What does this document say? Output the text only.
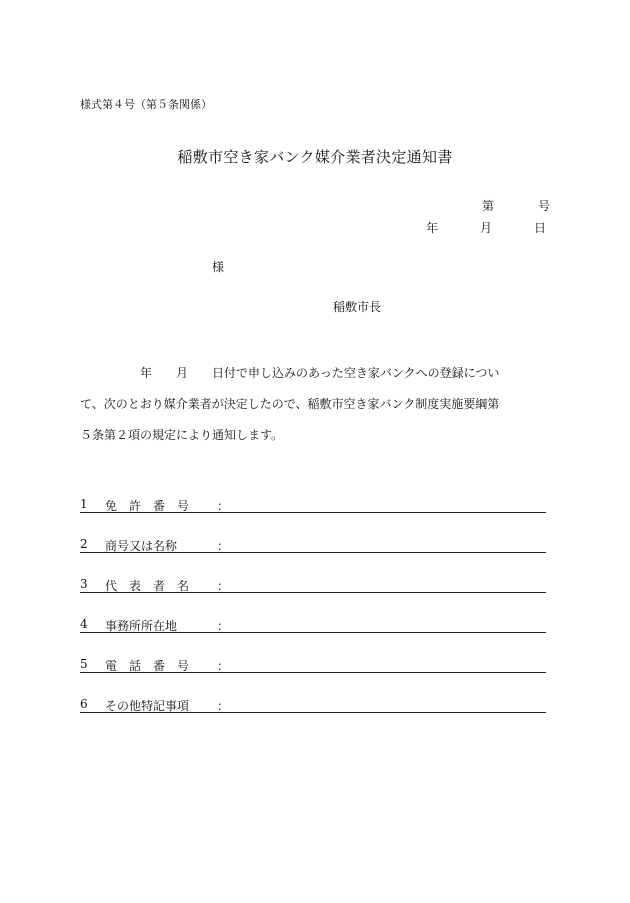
様式第４号（第５条関係）
稲敷市空き家バンク媒介業者決定通知書
第	号
年	月	日
様
稲敷市長
　　　　　年　　月　　日付で申し込みのあった空き家バンクへの登録につい
て、次のとおり媒介業者が決定したので、稲敷市空き家バンク制度実施要綱第
５条第２項の規定により通知します。
1 免　許　番　号 ：
2 商号又は名称	：
3 代　表　者　名 ：
4 事務所所在地	：
5 電　話　番　号 ：
6 その他特記事項 ：
